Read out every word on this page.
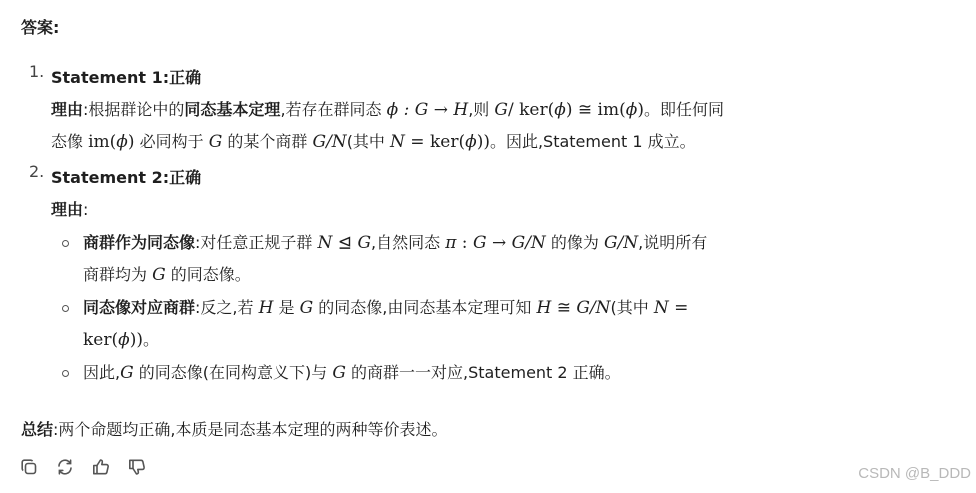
答案:
1. Statement 1:正确
理由:根据群论中的同态基本定理,若存在群同态 ϕ : G → H,则 G/ ker(ϕ) ≅ im(ϕ)。即任何同
态像 im(ϕ) 必同构于 G 的某个商群 G/N(其中 N = ker(ϕ))。因此,Statement 1 成立。
2. Statement 2:正确
理由:
商群作为同态像:对任意正规子群 N ⊴ G,自然同态 π : G → G/N 的像为 G/N,说明所有
商群均为 G 的同态像。
同态像对应商群:反之,若 H 是 G 的同态像,由同态基本定理可知 H ≅ G/N(其中 N =
ker(ϕ))。
因此,G 的同态像(在同构意义下)与 G 的商群一一对应,Statement 2 正确。
总结:两个命题均正确,本质是同态基本定理的两种等价表述。
CSDN @B_DDD
